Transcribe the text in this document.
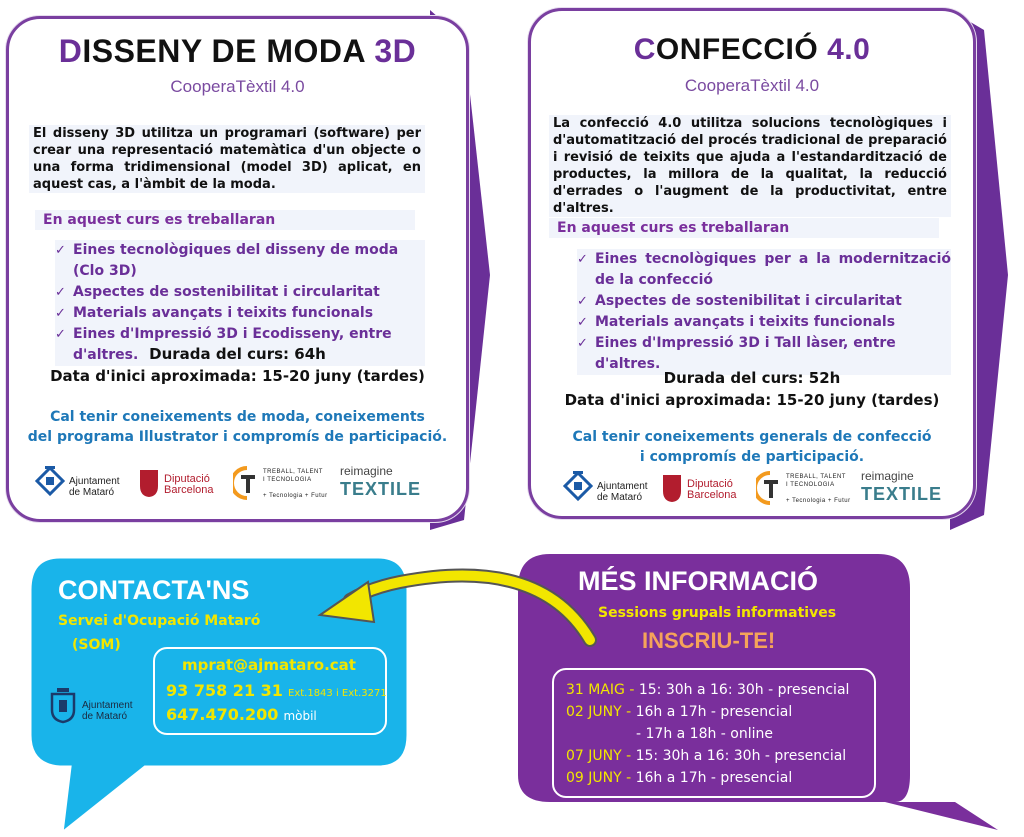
DISSENY DE MODA 3D
CooperaTèxtil 4.0
El disseny 3D utilitza un programari (software) per crear una representació matemàtica d'un objecte o una forma tridimensional (model 3D) aplicat, en aquest cas, a l'àmbit de la moda.
En aquest curs es treballaran
✓ Eines tecnològiques del disseny de moda (Clo 3D)
✓ Aspectes de sostenibilitat i circularitat
✓ Materials avançats i teixits funcionals
✓ Eines d'Impressió 3D i Ecodisseny, entre d'altres. Durada del curs: 64h
Data d'inici aproximada: 15-20 juny (tardes)
Cal tenir coneixements de moda, coneixements
del programa Illustrator i compromís de participació.
Ajuntament
de Mataró
Diputació
Barcelona
TREBALL, TALENT
I TECNOLOGIA
+ Tecnologia + Futur
reimagine
TEXTILE
CONFECCIÓ 4.0
CooperaTèxtil 4.0
La confecció 4.0 utilitza solucions tecnològiques i d'automatització del procés tradicional de preparació i revisió de teixits que ajuda a l'estandardització de productes, la millora de la qualitat, la reducció d'errades o l'augment de la productivitat, entre d'altres.
En aquest curs es treballaran
✓ Eines tecnològiques per a la modernització de la confecció
✓ Aspectes de sostenibilitat i circularitat
✓ Materials avançats i teixits funcionals
✓ Eines d'Impressió 3D i Tall làser, entre d'altres.
Durada del curs: 52h
Data d'inici aproximada: 15-20 juny (tardes)
Cal tenir coneixements generals de confecció
i compromís de participació.
Ajuntament
de Mataró
Diputació
Barcelona
TREBALL, TALENT
I TECNOLOGIA
+ Tecnologia + Futur
reimagine
TEXTILE
CONTACTA'NS
Servei d'Ocupació Mataró
(SOM)
Ajuntament
de Mataró
mprat@ajmataro.cat
93 758 21 31 Ext.1843 i Ext.3271
647.470.200 mòbil
MÉS INFORMACIÓ
Sessions grupals informatives
INSCRIU-TE!
31 MAIG - 15: 30h a 16: 30h - presencial
02 JUNY - 16h a 17h - presencial
- 17h a 18h - online
07 JUNY - 15: 30h a 16: 30h - presencial
09 JUNY - 16h a 17h - presencial
